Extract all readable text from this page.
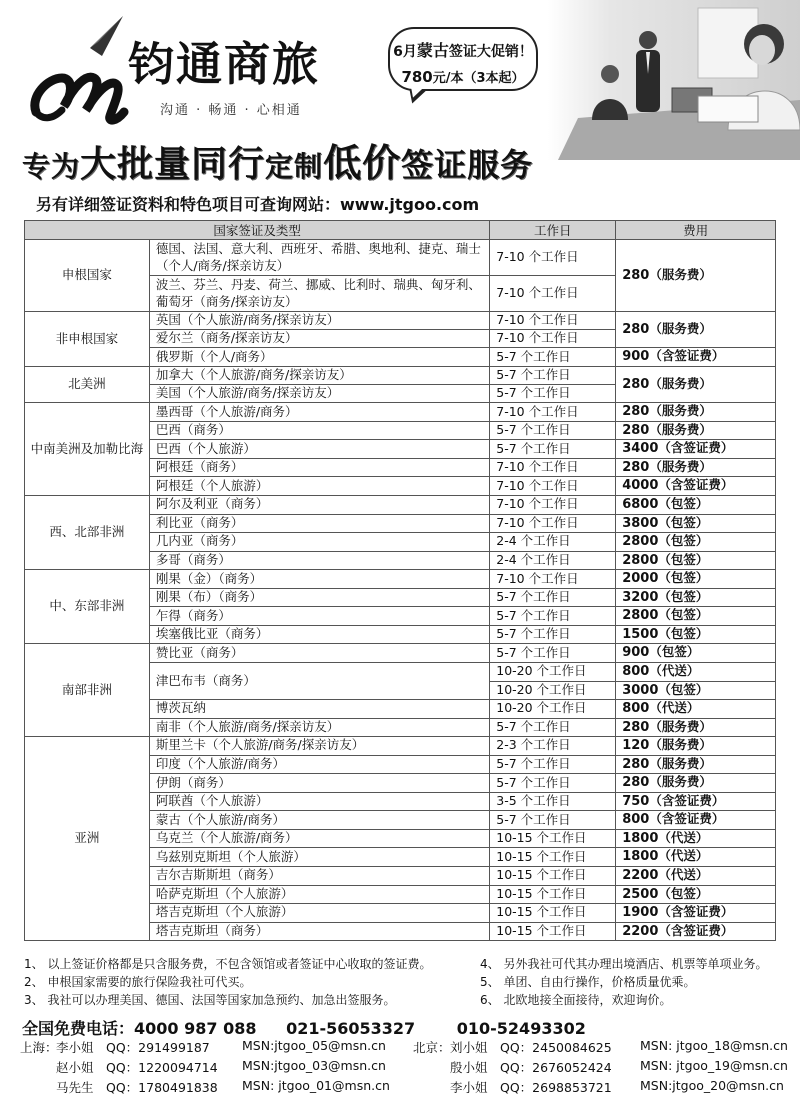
钧通商旅
沟通 · 畅通 · 心相通
6月蒙古签证大促销！
780元/本（3本起）
专为大批量同行定制低价签证服务
另有详细签证资料和特色项目可查询网站：www.jtgoo.com
国家签证及类型		工作日	费用
申根国家	德国、法国、意大利、西班牙、希腊、奥地利、捷克、瑞士（个人/商务/探亲访友）	7-10 个工作日	280（服务费）
	波兰、芬兰、丹麦、荷兰、挪威、比利时、瑞典、匈牙利、葡萄牙（商务/探亲访友）	7-10 个工作日	
非申根国家	英国（个人旅游/商务/探亲访友）	7-10 个工作日	280（服务费）
	爱尔兰（商务/探亲访友）	7-10 个工作日	
	俄罗斯（个人/商务）	5-7 个工作日	900（含签证费）
北美洲	加拿大（个人旅游/商务/探亲访友）	5-7 个工作日	280（服务费）
	美国（个人旅游/商务/探亲访友）	5-7 个工作日	
中南美洲及加勒比海	墨西哥（个人旅游/商务）	7-10 个工作日	280（服务费）
	巴西（商务）	5-7 个工作日	280（服务费）
	巴西（个人旅游）	5-7 个工作日	3400（含签证费）
	阿根廷（商务）	7-10 个工作日	280（服务费）
	阿根廷（个人旅游）	7-10 个工作日	4000（含签证费）
西、北部非洲	阿尔及利亚（商务）	7-10 个工作日	6800（包签）
	利比亚（商务）	7-10 个工作日	3800（包签）
	几内亚（商务）	2-4 个工作日	2800（包签）
	多哥（商务）	2-4 个工作日	2800（包签）
中、东部非洲	刚果（金）（商务）	7-10 个工作日	2000（包签）
	刚果（布）（商务）	5-7 个工作日	3200（包签）
	乍得（商务）	5-7 个工作日	2800（包签）
	埃塞俄比亚（商务）	5-7 个工作日	1500（包签）
南部非洲	赞比亚（商务）	5-7 个工作日	900（包签）
	津巴布韦（商务）	10-20 个工作日	800（代送）
		10-20 个工作日	3000（包签）
	博茨瓦纳	10-20 个工作日	800（代送）
	南非（个人旅游/商务/探亲访友）	5-7 个工作日	280（服务费）
亚洲	斯里兰卡（个人旅游/商务/探亲访友）	2-3 个工作日	120（服务费）
	印度（个人旅游/商务）	5-7 个工作日	280（服务费）
	伊朗（商务）	5-7 个工作日	280（服务费）
	阿联酋（个人旅游）	3-5 个工作日	750（含签证费）
	蒙古（个人旅游/商务）	5-7 个工作日	800（含签证费）
	乌克兰（个人旅游/商务）	10-15 个工作日	1800（代送）
	乌兹别克斯坦（个人旅游）	10-15 个工作日	1800（代送）
	吉尔吉斯斯坦（商务）	10-15 个工作日	2200（代送）
	哈萨克斯坦（个人旅游）	10-15 个工作日	2500（包签）
	塔吉克斯坦（个人旅游）	10-15 个工作日	1900（含签证费）
	塔吉克斯坦（商务）	10-15 个工作日	2200（含签证费）
1、 以上签证价格都是只含服务费，不包含领馆或者签证中心收取的签证费。
2、 申根国家需要的旅行保险我社可代买。
3、 我社可以办理美国、德国、法国等国家加急预约、加急出签服务。
4、 另外我社可代其办理出境酒店、机票等单项业务。
5、 单团、自由行操作，价格质量优乘。
6、 北欧地接全面接待，欢迎询价。
全国免费电话：4000 987 088 021-56053327	010-52493302
上海：	北京：
李小姐 QQ：291499187	MSN:jtgoo_05@msn.cn
赵小姐 QQ：1220094714 MSN:jtgoo_03@msn.cn
马先生 QQ：1780491838 MSN: jtgoo_01@msn.cn
刘小姐 QQ：2450084625 MSN: jtgoo_18@msn.cn
殷小姐 QQ：2676052424 MSN: jtgoo_19@msn.cn
李小姐 QQ：2698853721 MSN:jtgoo_20@msn.cn
